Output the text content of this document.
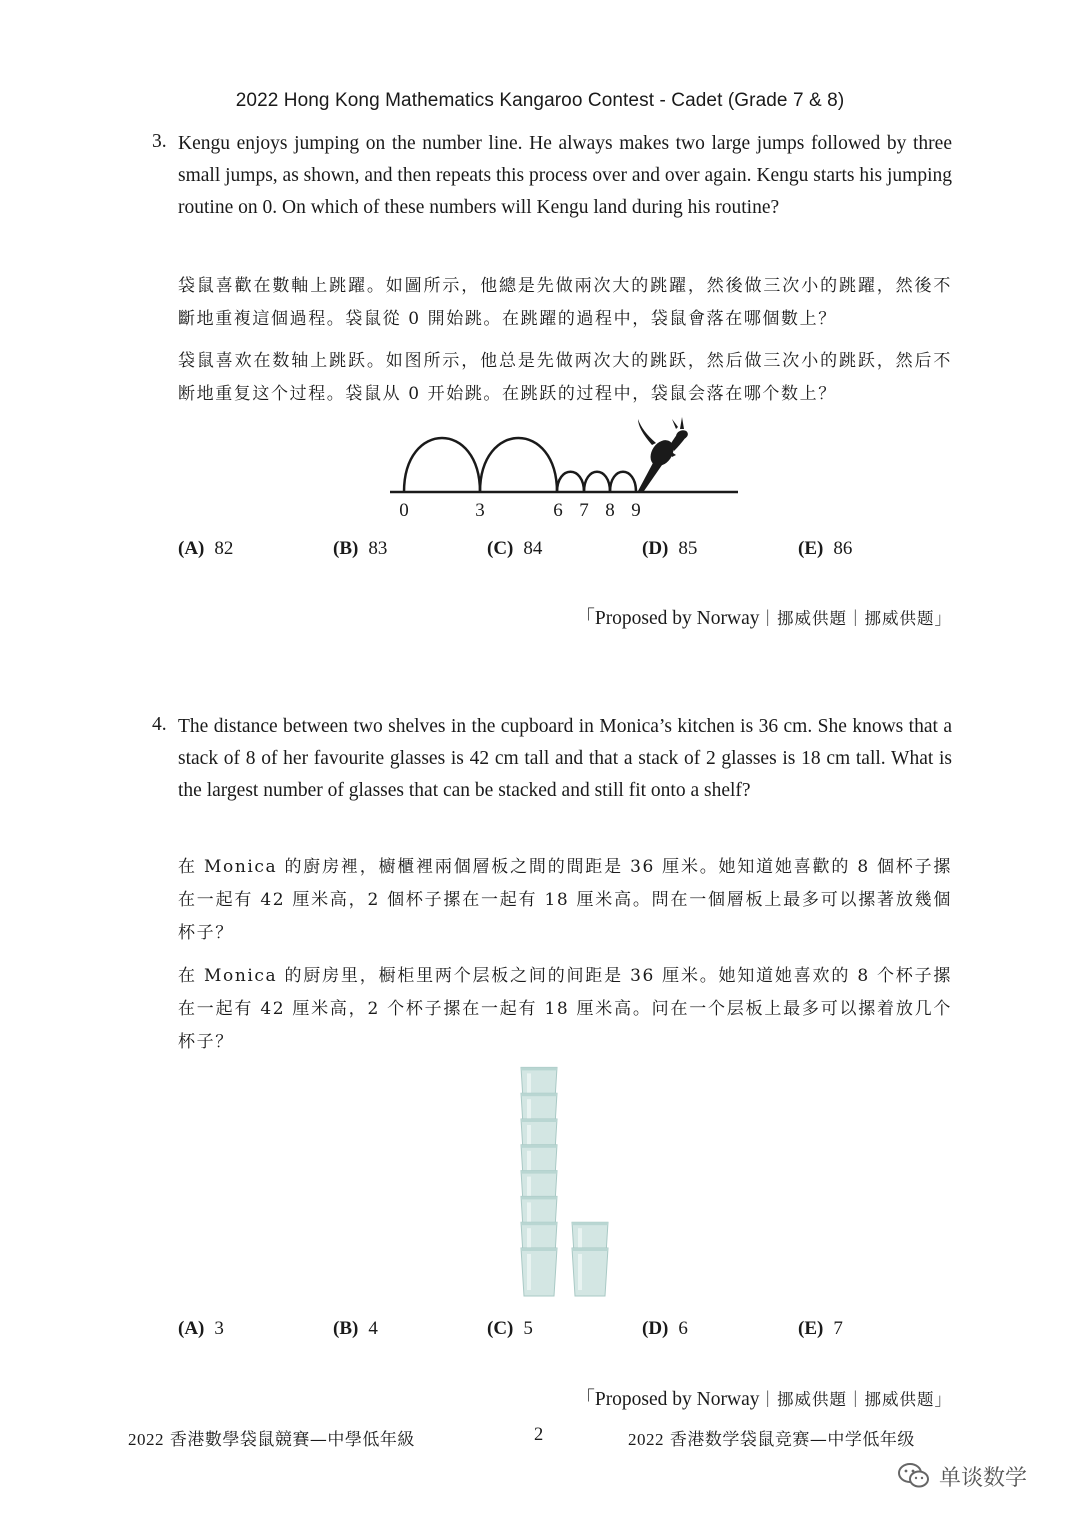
2022 Hong Kong Mathematics Kangaroo Contest - Cadet (Grade 7 & 8)
3. Kengu enjoys jumping on the number line. He always makes two large jumps followed by three small jumps, as shown, and then repeats this process over and over again. Kengu starts his jumping routine on 0. On which of these numbers will Kengu land during his routine?
袋鼠喜歡在數軸上跳躍。如圖所示，他總是先做兩次大的跳躍，然後做三次小的跳躍，然後不斷地重複這個過程。袋鼠從 0 開始跳。在跳躍的過程中，袋鼠會落在哪個數上？
袋鼠喜欢在数轴上跳跃。如图所示，他总是先做两次大的跳跃，然后做三次小的跳跃，然后不断地重复这个过程。袋鼠从 0 开始跳。在跳跃的过程中，袋鼠会落在哪个数上？
0	3	6 7 8 9
(A) 82	(B) 83	(C) 84	(D) 85	(E) 86
「Proposed by Norway｜挪威供題｜挪威供题」
4. The distance between two shelves in the cupboard in Monica’s kitchen is 36 cm. She knows that a stack of 8 of her favourite glasses is 42 cm tall and that a stack of 2 glasses is 18 cm tall. What is the largest number of glasses that can be stacked and still fit onto a shelf?
在 Monica 的廚房裡，櫥櫃裡兩個層板之間的間距是 36 厘米。她知道她喜歡的 8 個杯子摞在一起有 42 厘米高，2 個杯子摞在一起有 18 厘米高。問在一個層板上最多可以摞著放幾個杯子？
在 Monica 的厨房里，橱柜里两个层板之间的间距是 36 厘米。她知道她喜欢的 8 个杯子摞在一起有 42 厘米高，2 个杯子摞在一起有 18 厘米高。问在一个层板上最多可以摞着放几个杯子？
(A) 3	(B) 4	(C) 5	(D) 6	(E) 7
「Proposed by Norway｜挪威供題｜挪威供题」
2022 香港數學袋鼠競賽—中學低年級	2	2022 香港数学袋鼠竞赛—中学低年级
单谈数学
